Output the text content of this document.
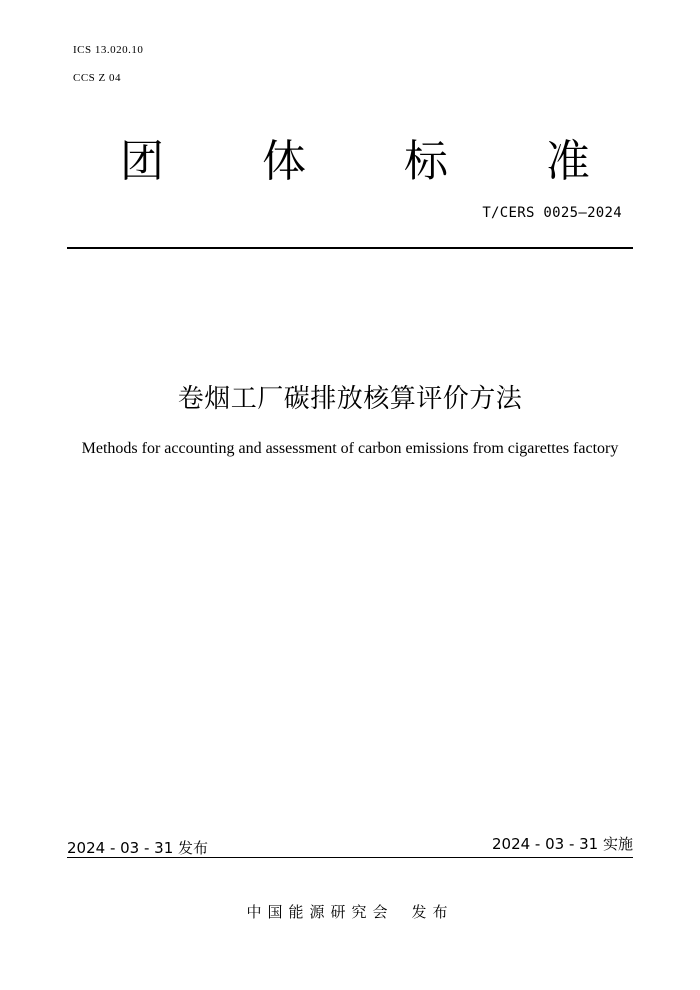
ICS 13.020.10

CCS Z 04

团 体 标 准

T/CERS 0025—2024

卷烟工厂碳排放核算评价方法

Methods for accounting and assessment of carbon emissions from cigarettes factory

2024 - 03 - 31 发布	2024 - 03 - 31 实施

中国能源研究会 发布
